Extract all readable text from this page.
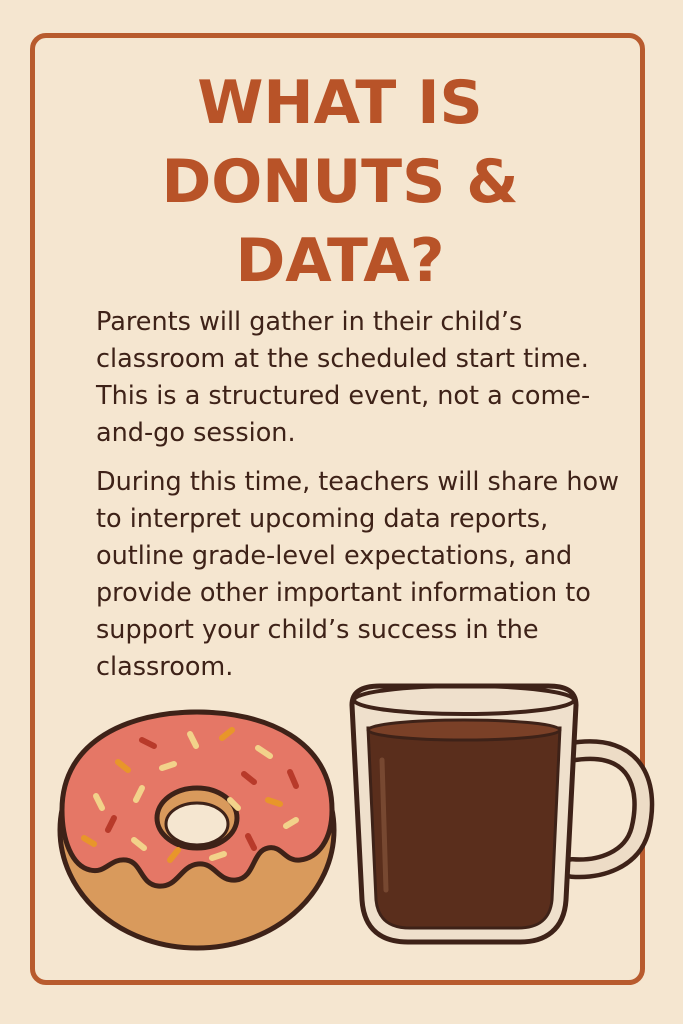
WHAT IS
DONUTS &
DATA?

Parents will gather in their child’s classroom at the scheduled start time. This is a structured event, not a come-and-go session.

During this time, teachers will share how to interpret upcoming data reports, outline grade-level expectations, and provide other important information to support your child’s success in the classroom.
